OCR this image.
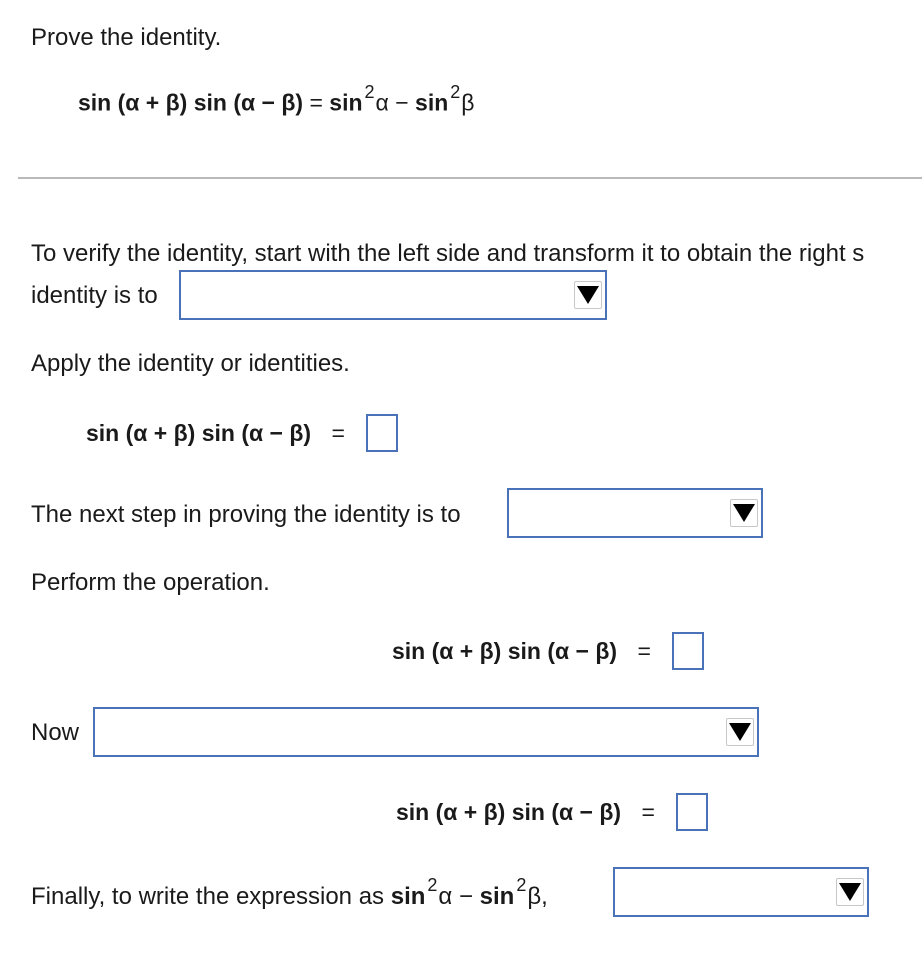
Prove the identity.
sin (α + β) sin (α − β) = sin $^2$α − sin $^2$β
To verify the identity, start with the left side and transform it to obtain the right s
identity is to
Apply the identity or identities.
sin (α + β) sin (α − β) =
The next step in proving the identity is to
Perform the operation.
sin (α + β) sin (α − β) =
Now
sin (α + β) sin (α − β) =
Finally, to write the expression as sin $^2$α − sin $^2$β,
